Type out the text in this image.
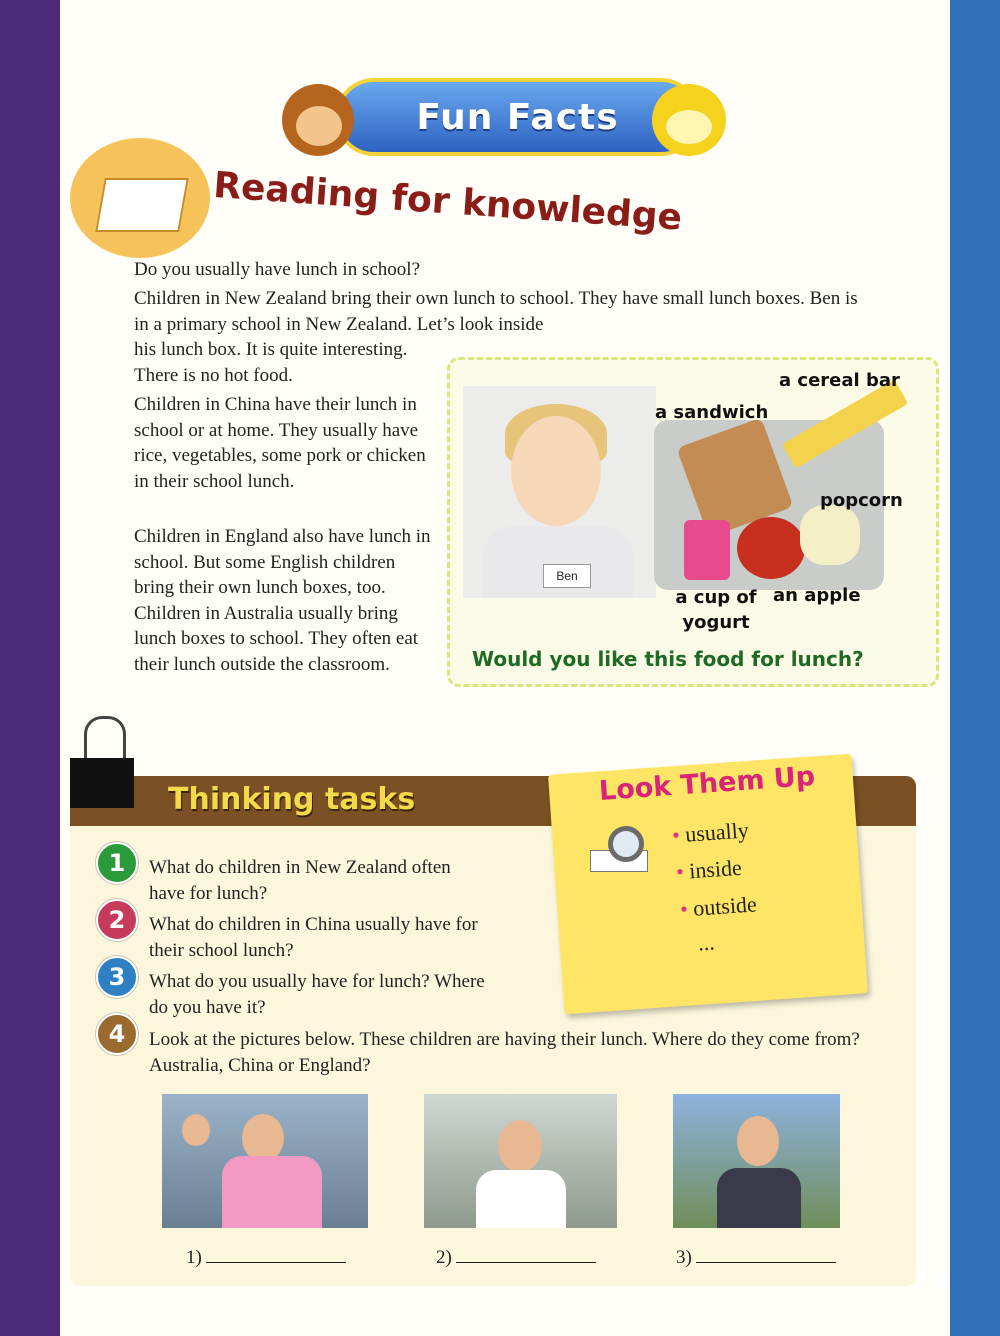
Fun Facts
Reading for knowledge

Do you usually have lunch in school?

Children in New Zealand bring their own lunch to school. They have small lunch boxes. Ben is in a primary school in New Zealand. Let’s look inside
his lunch box. It is quite interesting. There is no hot food.

Children in China have their lunch in school or at home. They usually have rice, vegetables, some pork or chicken in their school lunch.

Children in England also have lunch in school. But some English children bring their own lunch boxes, too. Children in Australia usually bring lunch boxes to school. They often eat their lunch outside the classroom.

Ben
a cereal bar
a sandwich
popcorn
a cup of yogurt
an apple
Would you like this food for lunch?
Thinking tasks	Look Them Up
• usually
• inside
• outside
...
1
2
3
4

What do children in New Zealand often have for lunch?

What do children in China usually have for their school lunch?

What do you usually have for lunch? Where do you have it?

Look at the pictures below. These children are having their lunch. Where do they come from? Australia, China or England?

1)	2)	3)
13
